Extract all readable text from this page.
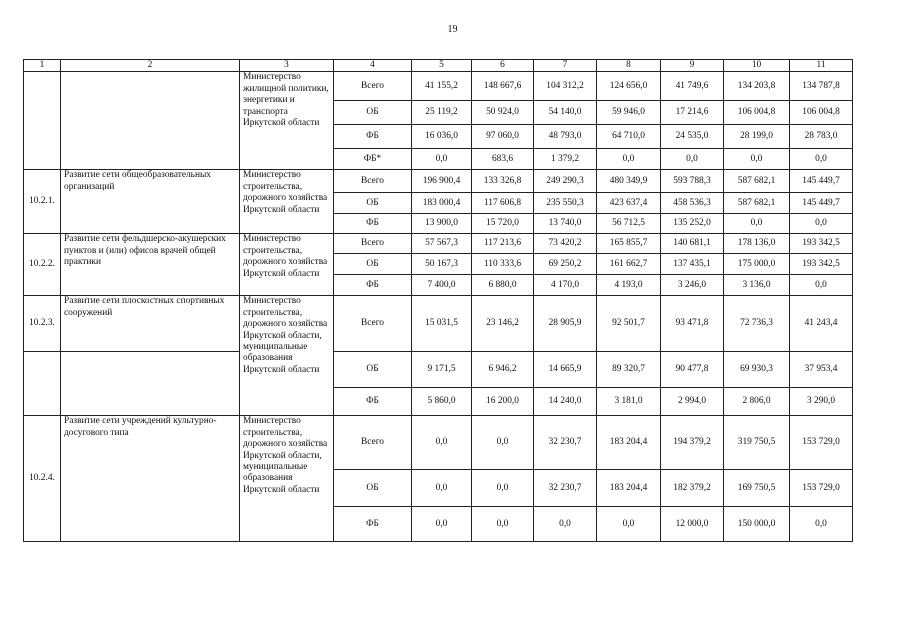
19
1	2	3	4	5	6	7	8	9	10	11
		Министерство жилищной политики, энергетики и транспорта Иркутской области	Всего	41 155,2	148 667,6	104 312,2	124 656,0	41 749,6	134 203,8	134 787,8
			ОБ	25 119,2	50 924,0	54 140,0	59 946,0	17 214,6	106 004,8	106 004,8
			ФБ	16 036,0	97 060,0	48 793,0	64 710,0	24 535,0	28 199,0	28 783,0
			ФБ*	0,0	683,6	1 379,2	0,0	0,0	0,0	0,0
10.2.1.	Развитие сети общеобразовательных организаций	Министерство строительства, дорожного хозяйства Иркутской области	Всего	196 900,4	133 326,8	249 290,3	480 349,9	593 788,3	587 682,1	145 449,7
			ОБ	183 000,4	117 606,8	235 550,3	423 637,4	458 536,3	587 682,1	145 449,7
			ФБ	13 900,0	15 720,0	13 740,0	56 712,5	135 252,0	0,0	0,0
10.2.2.	Развитие сети фельдшерско-акушерских пунктов и (или) офисов врачей общей практики	Министерство строительства, дорожного хозяйства Иркутской области	Всего	57 567,3	117 213,6	73 420,2	165 855,7	140 681,1	178 136,0	193 342,5
			ОБ	50 167,3	110 333,6	69 250,2	161 662,7	137 435,1	175 000,0	193 342,5
			ФБ	7 400,0	6 880,0	4 170,0	4 193,0	3 246,0	3 136,0	0,0
10.2.3.	Развитие сети плоскостных спортивных сооружений	Министерство строительства, дорожного хозяйства Иркутской области, муниципальные образования Иркутской области	Всего	15 031,5	23 146,2	28 905,9	92 501,7	93 471,8	72 736,3	41 243,4
			ОБ	9 171,5	6 946,2	14 665,9	89 320,7	90 477,8	69 930,3	37 953,4
			ФБ	5 860,0	16 200,0	14 240,0	3 181,0	2 994,0	2 806,0	3 290,0
10.2.4.	Развитие сети учреждений культурно-досугового типа	Министерство строительства, дорожного хозяйства Иркутской области, муниципальные образования Иркутской области	Всего	0,0	0,0	32 230,7	183 204,4	194 379,2	319 750,5	153 729,0
			ОБ	0,0	0,0	32 230,7	183 204,4	182 379,2	169 750,5	153 729,0
			ФБ	0,0	0,0	0,0	0,0	12 000,0	150 000,0	0,0
